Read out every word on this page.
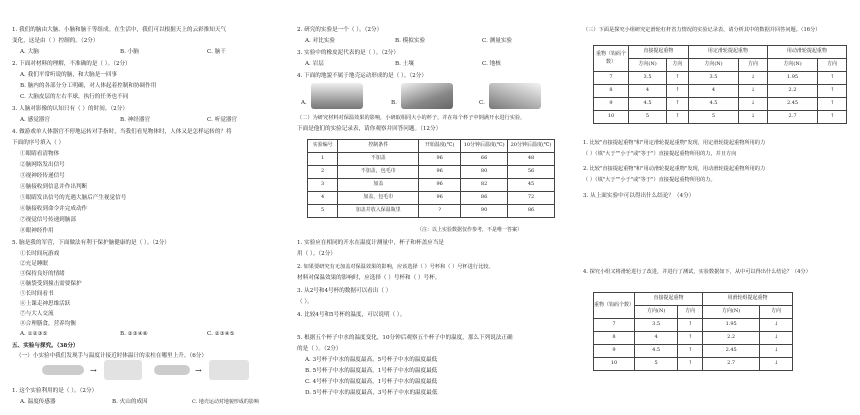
1. 我们的脑由大脑、小脑和脑干等组成。在生活中，我们可以根据天上的云彩推知天气
变化，这是由（ ）控制的。（2分）
A. 大脑	B. 小脑	C. 脑干
2. 下面对材料的理解，不准确的是（ ）。（2分）
A. 我们平常听说的脑，和大脑是一回事
B. 脑内的各部分分工明确，对人体起着控制和协调作用
C. 大脑皮层的左右半球，执行的任务也不同
3. 人脑对影像的认知只有（ ）的时间。（2分）
A. 感觉器官	B. 神经器官	C. 听觉器官
4. 做游戏单人体器官不停地运转对手指时，当我们看见物体时，人体又是怎样运转的？将
下面的序号填入（ ）
①眼睛看清物体
②脑网络发出信号
③视神经传递信号
④脑接收到信息并作出判断
⑤眼睛发出信号的光遇大脑后产生视觉信号
⑥脑接收到命令并完成动作
⑦视觉信号传递到脑部
⑧眼神经作用
5. 脑是我的军营，下面做法有利于保护脑健康的是（ ）。（2分）
①长时间玩游戏
②充足睡眠
③保持良好的情绪
④脑袋受到撞击需要保护
⑤长时间看书
⑥上课走神思维活跃
⑦与大人交流
⑧合理膳食，营养均衡
A. ①②③⑤	B. ②③④⑧	C. ②③④⑤
五、实验与探究。（38分）
（一）小实验中我们发现手与温度计接近时体温计的汞柱在哪里上升。（6分）
→	→
1. 这个实验利用的是（ ）。（2分）
A. 温度传感器	B. 火山的成因	C. 地壳运动对地貌形成的影响
2. 研究的实验是一个（ ）。（2分）
A. 对比实验	B. 模拟实验	C. 测量实验
3. 实验中的橡皮泥代表的是（ ）。（2分）
A. 岩层	B. 土壤	C. 地核
4. 下面的地貌不属于地壳运动形成的是（ ）。（2分）
A.	B.	C.
（二）为研究材料对保温效果的影响，小研取相同大小的杯子，并在每个杯子中倒满开水进行实验，
下面是他们的实验记录表，请你观察并回答问题。（12分）
实验编号	控制条件	开始温度(℃)	10分钟后温度(℃)	20分钟后温度(℃)
1	不加盖	96	66	48
2	不加盖，包毛巾	96	80	56
3	加盖	96	82	45
4	加盖，包毛巾	96	86	72
5	加盖并放入保温瓶里	?	90	86
（注：以上实验数据仅作参考，不是唯一答案）
1. 实验应在相同的开水在温度计测量中，杯子和杯盖应当是
用（ ）。（2分）
2. 如果要研究有无加盖对保温效果的影响，应该选择（ ）号杯和（ ）号杯进行比较。
材料对保温效果的影响时，应选择（ ）号杯和（ ）号杯。
3. 从2号和4号杯的数据可以看出（ ）
（ ）。
4. 比较4号和5号杯的温度，可以说明（ ）。
5. 根据五个杯子中水的温度变化，10分钟后观察五个杯子中的温度，那么下列说法正确
的是（ ）。（2分）
A. 3号杯子中水的温度最高，5号杯子中水的温度最低
B. 5号杯子中水的温度最高，1号杯子中水的温度最低
C. 4号杯子中水的温度最高，1号杯子中水的温度最低
D. 5号杯子中水的温度最高，3号杯子中水的温度最低
（三）下面是探究小组研究定滑轮杠杆省力情况的实验记录表，请分析其中的数据并回答问题。（16分）
重物（钩码个数）	直接提起重物		用定滑轮提起重物		用动滑轮提起重物	
	方向(N)	方向	方向(N)	方向	方向(N)	方向
7	3.5	↑	3.5	↓	1.95	↑
8	4	↑	4	↓	2.2	↑
9	4.5	↑	4.5	↓	2.45	↑
10	5	↑	5	↓	2.7	↑
1. 比较"直接提起重物"和"用定滑轮提起重物"发现，用定滑轮提起重物所用的力
（ ）（填"大于""小于"或"等于"）直接提起重物所用的力，并且方向
2. 比较"直接提起重物"和"用动滑轮提起重物"发现，用动滑轮提起重物所用的力
（ ）（填"大于""小于"或"等于"）直接提起重物所用的力。
3. 从上面实验中可以得出什么结论？（4分）
4. 探究小组又将滑轮进行了改进，并进行了测试，实验数据如下，从中可以得出什么结论？（4分）
重物（钩码个数）	直接提起重物		用滑轮组提起重物	
	方向(N)	方向	方向(N)	方向
7	3.5	↑	1.95	↓
8	4	↑	2.2	↓
9	4.5	↑	2.45	↓
10	5	↑	2.7	↓
